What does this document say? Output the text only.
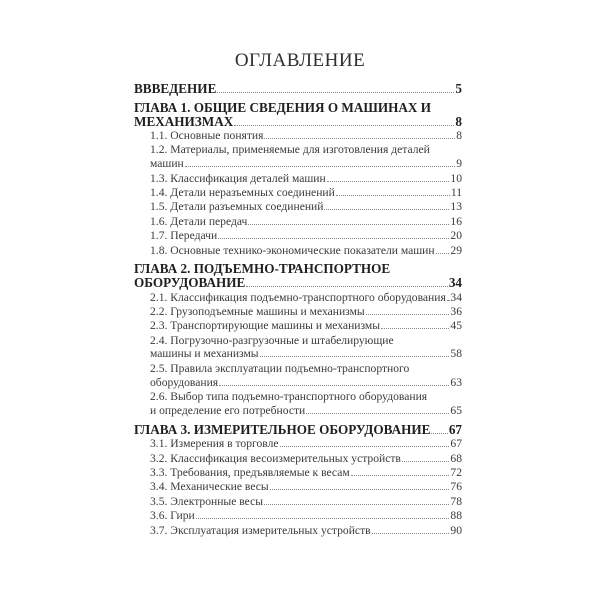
ОГЛАВЛЕНИЕ
ВВВЕДЕНИЕ	5
ГЛАВА 1. ОБЩИЕ СВЕДЕНИЯ О МАШИНАХ И
МЕХАНИЗМАХ	8
1.1. Основные понятия	8
1.2. Материалы, применяемые для изготовления деталей
машин	9
1.3. Классификация деталей машин	10
1.4. Детали неразъемных соединений	11
1.5. Детали разъемных соединений	13
1.6. Детали передач	16
1.7. Передачи	20
1.8. Основные технико-экономические показатели машин 29
ГЛАВА 2. ПОДЪЕМНО-ТРАНСПОРТНОЕ
ОБОРУДОВАНИЕ	34
2.1. Классификация подъемно-транспортного оборудования 34
2.2. Грузоподъемные машины и механизмы	36
2.3. Транспортирующие машины и механизмы	45
2.4. Погрузочно-разгрузочные и штабелирующие
машины и механизмы	58
2.5. Правила эксплуатации подъемно-транспортного
оборудования	63
2.6. Выбор типа подъемно-транспортного оборудования
и определение его потребности	65
ГЛАВА 3. ИЗМЕРИТЕЛЬНОЕ ОБОРУДОВАНИЕ 67
3.1. Измерения в торговле	67
3.2. Классификация весоизмерительных устройств	68
3.3. Требования, предъявляемые к весам	72
3.4. Механические весы	76
3.5. Электронные весы	78
3.6. Гири	88
3.7. Эксплуатация измерительных устройств	90
